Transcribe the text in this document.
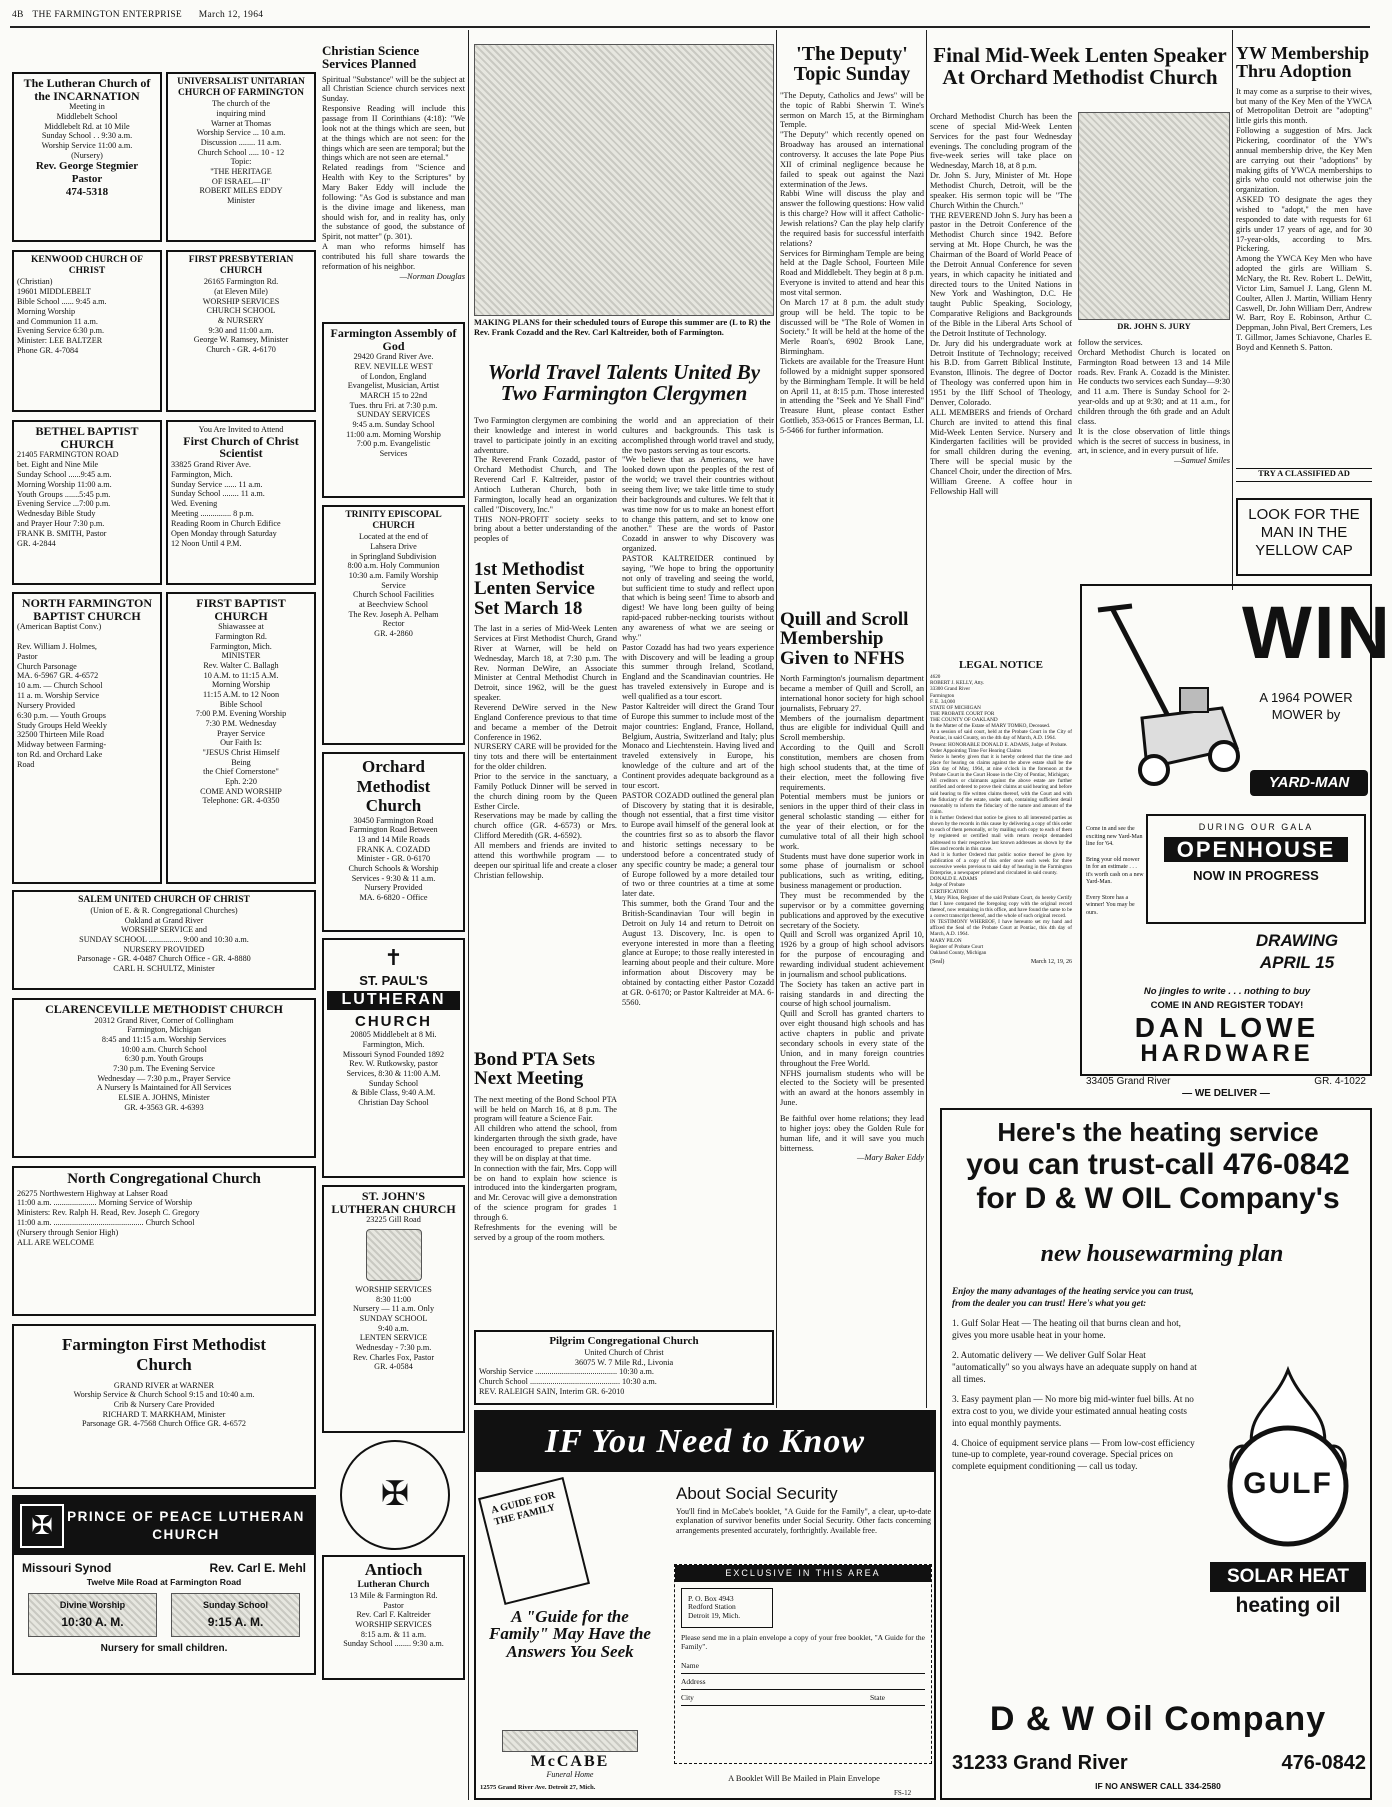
4B THE FARMINGTON ENTERPRISE March 12, 1964
The Lutheran Church of the INCARNATION
Meeting in
Middlebelt School
Middlebelt Rd. at 10 Mile
Sunday School . . 9:30 a.m.
Worship Service 11:00 a.m.
(Nursery)
Rev. George Stegmier
Pastor
474-5318
UNIVERSALIST UNITARIAN CHURCH OF FARMINGTON
The church of the
inquiring mind
Warner at Thomas
Worship Service ... 10 a.m.
Discussion ........ 11 a.m.
Church School ..... 10 - 12
Topic:
"THE HERITAGE
OF ISRAEL—II"
ROBERT MILES EDDY
Minister
KENWOOD CHURCH OF CHRIST
(Christian)
19601 MIDDLEBELT
Bible School ...... 9:45 a.m.
Morning Worship
and Communion 11 a.m.
Evening Service 6:30 p.m.
Minister: LEE BALTZER
Phone GR. 4-7084
FIRST PRESBYTERIAN CHURCH
26165 Farmington Rd.
(at Eleven Mile)
WORSHIP SERVICES
CHURCH SCHOOL
& NURSERY
9:30 and 11:00 a.m.
George W. Ramsey, Minister
Church - GR. 4-6170
BETHEL BAPTIST CHURCH
21405 FARMINGTON ROAD
bet. Eight and Nine Mile
Sunday School ......9:45 a.m.
Morning Worship 11:00 a.m.
Youth Groups .......5:45 p.m.
Evening Service ...7:00 p.m.
Wednesday Bible Study
and Prayer Hour 7:30 p.m.
FRANK B. SMITH, Pastor
GR. 4-2844
You Are Invited to Attend
First Church of Christ Scientist
33825 Grand River Ave.
Farmington, Mich.
Sunday Service ...... 11 a.m.
Sunday School ........ 11 a.m.
Wed. Evening
Meeting ............... 8 p.m.
Reading Room in Church Edifice
Open Monday through Saturday
12 Noon Until 4 P.M.
NORTH FARMINGTON BAPTIST CHURCH
(American Baptist Conv.)

Rev. William J. Holmes,
Pastor
Church Parsonage
MA. 6-5967 GR. 4-6572
10 a.m. — Church School
11 a. m. Worship Service
Nursery Provided
6:30 p.m. — Youth Groups
Study Groups Held Weekly
32500 Thirteen Mile Road
Midway between Farming-
ton Rd. and Orchard Lake
Road
FIRST BAPTIST CHURCH
Shiawassee at
Farmington Rd.
Farmington, Mich.
MINISTER
Rev. Walter C. Ballagh
10 A.M. to 11:15 A.M.
Morning Worship
11:15 A.M. to 12 Noon
Bible School
7:00 P.M. Evening Worship
7:30 P.M. Wednesday
Prayer Service
Our Faith Is:
"JESUS Christ Himself
Being
the Chief Cornerstone"
Eph. 2:20
COME AND WORSHIP
Telephone: GR. 4-0350
SALEM UNITED CHURCH OF CHRIST
(Union of E. & R. Congregational Churches)
Oakland at Grand River
WORSHIP SERVICE and
SUNDAY SCHOOL ................ 9:00 and 10:30 a.m.
NURSERY PROVIDED
Parsonage - GR. 4-0487 Church Office - GR. 4-8880
CARL H. SCHULTZ, Minister
CLARENCEVILLE METHODIST CHURCH
20312 Grand River, Corner of Collingham
Farmington, Michigan
8:45 and 11:15 a.m. Worship Services
10:00 a.m. Church School
6:30 p.m. Youth Groups
7:30 p.m. The Evening Service
Wednesday — 7:30 p.m., Prayer Service
A Nursery Is Maintained for All Services
ELSIE A. JOHNS, Minister
GR. 4-3563 GR. 4-6393
North Congregational Church
26275 Northwestern Highway at Lahser Road
11:00 a.m. ..................... Morning Service of Worship
Ministers: Rev. Ralph H. Read, Rev. Joseph C. Gregory
11:00 a.m. ............................................ Church School
(Nursery through Senior High)
ALL ARE WELCOME
Farmington First Methodist Church
GRAND RIVER at WARNER
Worship Service & Church School 9:15 and 10:40 a.m.
Crib & Nursery Care Provided
RICHARD T. MARKHAM, Minister
Parsonage GR. 4-7568 Church Office GR. 4-6572
✠	PRINCE OF PEACE LUTHERAN CHURCH
Missouri Synod	Rev. Carl E. Mehl
Twelve Mile Road at Farmington Road
Divine Worship
10:30 A. M.
Sunday School
9:15 A. M.
Nursery for small children.
Christian Science Services Planned
Spiritual "Substance" will be the subject at all Christian Science church services next Sunday.
Responsive Reading will include this passage from II Corinthians (4:18): "We look not at the things which are seen, but at the things which are not seen: for the things which are seen are temporal; but the things which are not seen are eternal."
Related readings from "Science and Health with Key to the Scriptures" by Mary Baker Eddy will include the following: "As God is substance and man is the divine image and likeness, man should wish for, and in reality has, only the substance of good, the substance of Spirit, not matter" (p. 301).
A man who reforms himself has contributed his full share towards the reformation of his neighbor.
—Norman Douglas
Farmington Assembly of God
29420 Grand River Ave.
REV. NEVILLE WEST
of London, England
Evangelist, Musician, Artist
MARCH 15 to 22nd
Tues. thru Fri. at 7:30 p.m.
SUNDAY SERVICES
9:45 a.m. Sunday School
11:00 a.m. Morning Worship
7:00 p.m. Evangelistic
Services
TRINITY EPISCOPAL CHURCH
Located at the end of
Lahsera Drive
in Springland Subdivision
8:00 a.m. Holy Communion
10:30 a.m. Family Worship
Service
Church School Facilities
at Beechview School
The Rev. Joseph A. Pelham
Rector
GR. 4-2860
Orchard Methodist Church
30450 Farmington Road
Farmington Road Between
13 and 14 Mile Roads
FRANK A. COZADD
Minister - GR. 0-6170
Church Schools & Worship
Services - 9:30 & 11 a.m.
Nursery Provided
MA. 6-6820 - Office
✝
ST. PAUL'S
LUTHERAN
CHURCH
20805 Middlebelt at 8 Mi.
Farmington, Mich.
Missouri Synod Founded 1892
Rev. W. Rutkowsky, pastor
Services, 8:30 & 11:00 A.M.
Sunday School
& Bible Class, 9:40 A.M.
Christian Day School
ST. JOHN'S LUTHERAN CHURCH
23225 Gill Road
WORSHIP SERVICES
8:30 11:00
Nursery — 11 a.m. Only
SUNDAY SCHOOL
9:40 a.m.
LENTEN SERVICE
Wednesday - 7:30 p.m.
Rev. Charles Fox, Pastor
GR. 4-0584
✠
Antioch
Lutheran Church
13 Mile & Farmington Rd.
Pastor
Rev. Carl F. Kaltreider
WORSHIP SERVICES
8:15 a.m. & 11 a.m.
Sunday School ........ 9:30 a.m.
MAKING PLANS for their scheduled tours of Europe this summer are (L to R) the Rev. Frank Cozadd and the Rev. Carl Kaltreider, both of Farmington.
World Travel Talents United By Two Farmington Clergymen
Two Farmington clergymen are combining their knowledge and interest in world travel to participate jointly in an exciting adventure.
The Reverend Frank Cozadd, pastor of Orchard Methodist Church, and The Reverend Carl F. Kaltreider, pastor of Antioch Lutheran Church, both in Farmington, locally head an organization called "Discovery, Inc."
THIS NON-PROFIT society seeks to bring about a better understanding of the peoples of
the world and an appreciation of their cultures and backgrounds. This task is accomplished through world travel and study, the two pastors serving as tour escorts.
"We believe that as Americans, we have looked down upon the peoples of the rest of the world; we travel their countries without seeing them live; we take little time to study their backgrounds and cultures. We felt that it was time now for us to make an honest effort to change this pattern, and set to know one another." These are the words of Pastor Cozadd in answer to why Discovery was organized.
PASTOR KALTREIDER continued by saying, "We hope to bring the opportunity not only of traveling and seeing the world, but sufficient time to study and reflect upon that which is being seen! Time to absorb and digest! We have long been guilty of being rapid-paced rubber-necking tourists without any awareness of what we are seeing or why."
Pastor Cozadd has had two years experience with Discovery and will be leading a group this summer through Ireland, Scotland, England and the Scandinavian countries. He has traveled extensively in Europe and is well qualified as a tour escort.
Pastor Kaltreider will direct the Grand Tour of Europe this summer to include most of the major countries: England, France, Holland, Belgium, Austria, Switzerland and Italy; plus Monaco and Liechtenstein. Having lived and traveled extensively in Europe, his knowledge of the culture and art of the Continent provides adequate background as a tour escort.
PASTOR COZADD outlined the general plan of Discovery by stating that it is desirable, though not essential, that a first time visitor to Europe avail himself of the general look at the countries first so as to absorb the flavor and historic settings necessary to be understood before a concentrated study of any specific country be made; a general tour of Europe followed by a more detailed tour of two or three countries at a time at some later date.
This summer, both the Grand Tour and the British-Scandinavian Tour will begin in Detroit on July 14 and return to Detroit on August 13. Discovery, Inc. is open to everyone interested in more than a fleeting glance at Europe; to those really interested in learning about people and their culture. More information about Discovery may be obtained by contacting either Pastor Cozadd at GR. 0-6170; or Pastor Kaltreider at MA. 6-5560.
1st Methodist Lenten Service Set March 18
The last in a series of Mid-Week Lenten Services at First Methodist Church, Grand River at Warner, will be held on Wednesday, March 18, at 7:30 p.m. The Rev. Norman DeWire, an Associate Minister at Central Methodist Church in Detroit, since 1962, will be the guest speaker.
Reverend DeWire served in the New England Conference previous to that time and became a member of the Detroit Conference in 1962.
NURSERY CARE will be provided for the tiny tots and there will be entertainment for the older children.
Prior to the service in the sanctuary, a Family Potluck Dinner will be served in the church dining room by the Queen Esther Circle.
Reservations may be made by calling the church office (GR. 4-6573) or Mrs. Clifford Meredith (GR. 4-6592).
All members and friends are invited to attend this worthwhile program — to deepen our spiritual life and create a closer Christian fellowship.
Bond PTA Sets Next Meeting
The next meeting of the Bond School PTA will be held on March 16, at 8 p.m. The program will feature a Science Fair.
All children who attend the school, from kindergarten through the sixth grade, have been encouraged to prepare entries and they will be on display at that time.
In connection with the fair, Mrs. Copp will be on hand to explain how science is introduced into the kindergarten program, and Mr. Cerovac will give a demonstration of the science program for grades 1 through 6.
Refreshments for the evening will be served by a group of the room mothers.
Pilgrim Congregational Church
United Church of Christ
36075 W. 7 Mile Rd., Livonia
Worship Service ........................................ 10:30 a.m.
Church School ............................................ 10:30 a.m.
REV. RALEIGH SAIN, Interim GR. 6-2010
IF You Need to Know
A GUIDE FOR THE FAMILY
A "Guide for the Family" May Have the Answers You Seek
McCABE
Funeral Home
12575 Grand River Ave. Detroit 27, Mich.
About Social Security
You'll find in McCabe's booklet, "A Guide for the Family", a clear, up-to-date explanation of survivor benefits under Social Security. Other facts concerning arrangements presented accurately, forthrightly. Available free.
EXCLUSIVE IN THIS AREA
P. O. Box 4943
Redford Station
Detroit 19, Mich.
Please send me in a plain envelope a copy of your free booklet, "A Guide for the Family".
Name
Address
City	State
A Booklet Will Be Mailed in Plain Envelope
FS-12
'The Deputy' Topic Sunday
"The Deputy, Catholics and Jews" will be the topic of Rabbi Sherwin T. Wine's sermon on March 15, at the Birmingham Temple.
"The Deputy" which recently opened on Broadway has aroused an international controversy. It accuses the late Pope Pius XII of criminal negligence because he failed to speak out against the Nazi extermination of the Jews.
Rabbi Wine will discuss the play and answer the following questions: How valid is this charge? How will it affect Catholic-Jewish relations? Can the play help clarify the required basis for successful interfaith relations?
Services for Birmingham Temple are being held at the Dagle School, Fourteen Mile Road and Middlebelt. They begin at 8 p.m. Everyone is invited to attend and hear this most vital sermon.
On March 17 at 8 p.m. the adult study group will be held. The topic to be discussed will be "The Role of Women in Society." It will be held at the home of the Merle Roan's, 6902 Brook Lane, Birmingham.
Tickets are available for the Treasure Hunt followed by a midnight supper sponsored by the Birmingham Temple. It will be held on April 11, at 8:15 p.m. Those interested in attending the "Seek and Ye Shall Find" Treasure Hunt, please contact Esther Gottlieb, 353-0615 or Frances Berman, LI. 5-5466 for further information.
Quill and Scroll Membership Given to NFHS
North Farmington's journalism department became a member of Quill and Scroll, an international honor society for high school journalists, February 27.
Members of the journalism department thus are eligible for individual Quill and Scroll membership.
According to the Quill and Scroll constitution, members are chosen from high school students that, at the time of their election, meet the following five requirements.
Potential members must be juniors or seniors in the upper third of their class in general scholastic standing — either for the year of their election, or for the cumulative total of all their high school work.
Students must have done superior work in some phase of journalism or school publications, such as writing, editing, business management or production.
They must be recommended by the supervisor or by a committee governing publications and approved by the executive secretary of the Society.
Quill and Scroll was organized April 10, 1926 by a group of high school advisors for the purpose of encouraging and rewarding individual student achievement in journalism and school publications.
The Society has taken an active part in raising standards in and directing the course of high school journalism.
Quill and Scroll has granted charters to over eight thousand high schools and has active chapters in public and private secondary schools in every state of the Union, and in many foreign countries throughout the Free World.
NFHS journalism students who will be elected to the Society will be presented with an award at the honors assembly in June.
Be faithful over home relations; they lead to higher joys: obey the Golden Rule for human life, and it will save you much bitterness.
—Mary Baker Eddy
Final Mid-Week Lenten Speaker At Orchard Methodist Church
Orchard Methodist Church has been the scene of special Mid-Week Lenten Services for the past four Wednesday evenings. The concluding program of the five-week series will take place on Wednesday, March 18, at 8 p.m.
Dr. John S. Jury, Minister of Mt. Hope Methodist Church, Detroit, will be the speaker. His sermon topic will be "The Church Within the Church."
THE REVEREND John S. Jury has been a pastor in the Detroit Conference of the Methodist Church since 1942. Before serving at Mt. Hope Church, he was the Chairman of the Board of World Peace of the Detroit Annual Conference for seven years, in which capacity he initiated and directed tours to the United Nations in New York and Washington, D.C. He taught Public Speaking, Sociology, Comparative Religions and Backgrounds of the Bible in the Liberal Arts School of the Detroit Institute of Technology.
Dr. Jury did his undergraduate work at Detroit Institute of Technology; received his B.D. from Garrett Biblical Institute, Evanston, Illinois. The degree of Doctor of Theology was conferred upon him in 1951 by the Iliff School of Theology, Denver, Colorado.
ALL MEMBERS and friends of Orchard Church are invited to attend this final Mid-Week Lenten Service. Nursery and Kindergarten facilities will be provided for small children during the evening. There will be special music by the Chancel Choir, under the direction of Mrs. William Greene. A coffee hour in Fellowship Hall will
DR. JOHN S. JURY
follow the services.
Orchard Methodist Church is located on Farmington Road between 13 and 14 Mile roads. Rev. Frank A. Cozadd is the Minister. He conducts two services each Sunday—9:30 and 11 a.m. There is Sunday School for 2-year-olds and up at 9:30; and at 11 a.m., for children through the 6th grade and an Adult class.
It is the close observation of little things which is the secret of success in business, in art, in science, and in every pursuit of life.
—Samuel Smiles
LEGAL NOTICE
4620
ROBERT J. KELLY, Atty.
33300 Grand River
Farmington
F. E. 34,000
STATE OF MICHIGAN
THE PROBATE COURT FOR
THE COUNTY OF OAKLAND
In the Matter of the Estate of MARY TOMKO, Deceased.
At a session of said court, held at the Probate Court in the City of Pontiac, in said County, on the 4th day of March, A.D. 1964.
Present: HONORABLE DONALD E. ADAMS, Judge of Probate.
Order Appointing Time For Hearing Claims
Notice is hereby given that it is hereby ordered that the time and place for hearing on claims against the above estate shall be the 25th day of May, 1964, at nine o'clock in the forenoon at the Probate Court in the Court House in the City of Pontiac, Michigan;
All creditors or claimants against the above estate are further notified and ordered to prove their claims at said hearing and before said hearing to file written claims thereof, with the Court and with the fiduciary of the estate, under oath, containing sufficient detail reasonably to inform the fiduciary of the nature and amount of the claim.
It is further Ordered that notice be given to all interested parties as shown by the records in this cause by delivering a copy of this order to each of them personally, or by mailing such copy to each of them by registered or certified mail with return receipt demanded addressed to their respective last known addresses as shown by the files and records in this cause.
And it is further Ordered that public notice thereof be given by publication of a copy of this order once each week for three successive weeks previous to said day of hearing in the Farmington Enterprise, a newspaper printed and circulated in said county.
DONALD E. ADAMS
Judge of Probate
CERTIFICATION
I, Mary Pilon, Register of the said Probate Court, do hereby Certify that I have compared the foregoing copy with the original record thereof, now remaining in this office, and have found the same to be a correct transcript thereof, and the whole of such original record.
IN TESTIMONY WHEREOF, I have hereunto set my hand and affixed the Seal of the Probate Court at Pontiac, this 4th day of March, A.D. 1964.
MARY PILON
Register of Probate Court
Oakland County, Michigan
(Seal)	March 12, 19, 26
YW Membership Thru Adoption
It may come as a surprise to their wives, but many of the Key Men of the YWCA of Metropolitan Detroit are "adopting" little girls this month.
Following a suggestion of Mrs. Jack Pickering, coordinator of the YW's annual membership drive, the Key Men are carrying out their "adoptions" by making gifts of YWCA memberships to girls who could not otherwise join the organization.
ASKED TO designate the ages they wished to "adopt," the men have responded to date with requests for 61 girls under 17 years of age, and for 30 17-year-olds, according to Mrs. Pickering.
Among the YWCA Key Men who have adopted the girls are William S. McNary, the Rt. Rev. Robert L. DeWitt, Victor Lim, Samuel J. Lang, Glenn M. Coulter, Allen J. Martin, William Henry Caswell, Dr. John William Derr, Andrew W. Barr, Roy E. Robinson, Arthur C. Deppman, John Pival, Bert Cremers, Les T. Gillmor, James Schiavone, Charles E. Boyd and Kenneth S. Patton.
TRY A CLASSIFIED AD
LOOK FOR THE MAN IN THE YELLOW CAP
WIN
A 1964 POWER MOWER by
YARD-MAN
DURING OUR GALA
OPENHOUSE
NOW IN PROGRESS
Come in and see the exciting new Yard-Man line for '64.
Bring your old mower in for an estimate . . . it's worth cash on a new Yard-Man.
Every Store has a winner! You may be ours.
DRAWING
APRIL 15
No jingles to write . . . nothing to buy
COME IN AND REGISTER TODAY!
DAN LOWE
HARDWARE
33405 Grand River	GR. 4-1022
— WE DELIVER —
Here's the heating service
you can trust-call 476-0842
for D & W OIL Company's
new housewarming plan
Enjoy the many advantages of the heating service you can trust, from the dealer you can trust! Here's what you get:
1. Gulf Solar Heat — The heating oil that burns clean and hot, gives you more usable heat in your home.
2. Automatic delivery — We deliver Gulf Solar Heat "automatically" so you always have an adequate supply on hand at all times.
3. Easy payment plan — No more big mid-winter fuel bills. At no extra cost to you, we divide your estimated annual heating costs into equal monthly payments.
4. Choice of equipment service plans — From low-cost efficiency tune-up to complete, year-round coverage. Special prices on complete equipment conditioning — call us today.
GULF
SOLAR HEAT
heating oil
D & W Oil Company
31233 Grand River	476-0842
IF NO ANSWER CALL 334-2580
